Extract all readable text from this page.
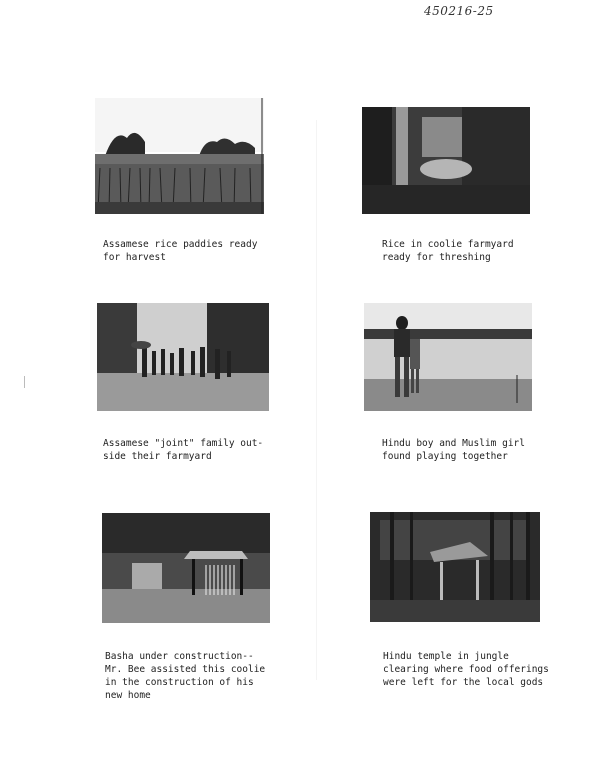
450216-25
Assamese rice paddies ready
for harvest
Rice in coolie farmyard
ready for threshing
Assamese "joint" family out-
side their farmyard
Hindu boy and Muslim girl
found playing together
Basha under construction--
Mr. Bee assisted this coolie
in the construction of his
new home
Hindu temple in jungle
clearing where food offerings
were left for the local gods
